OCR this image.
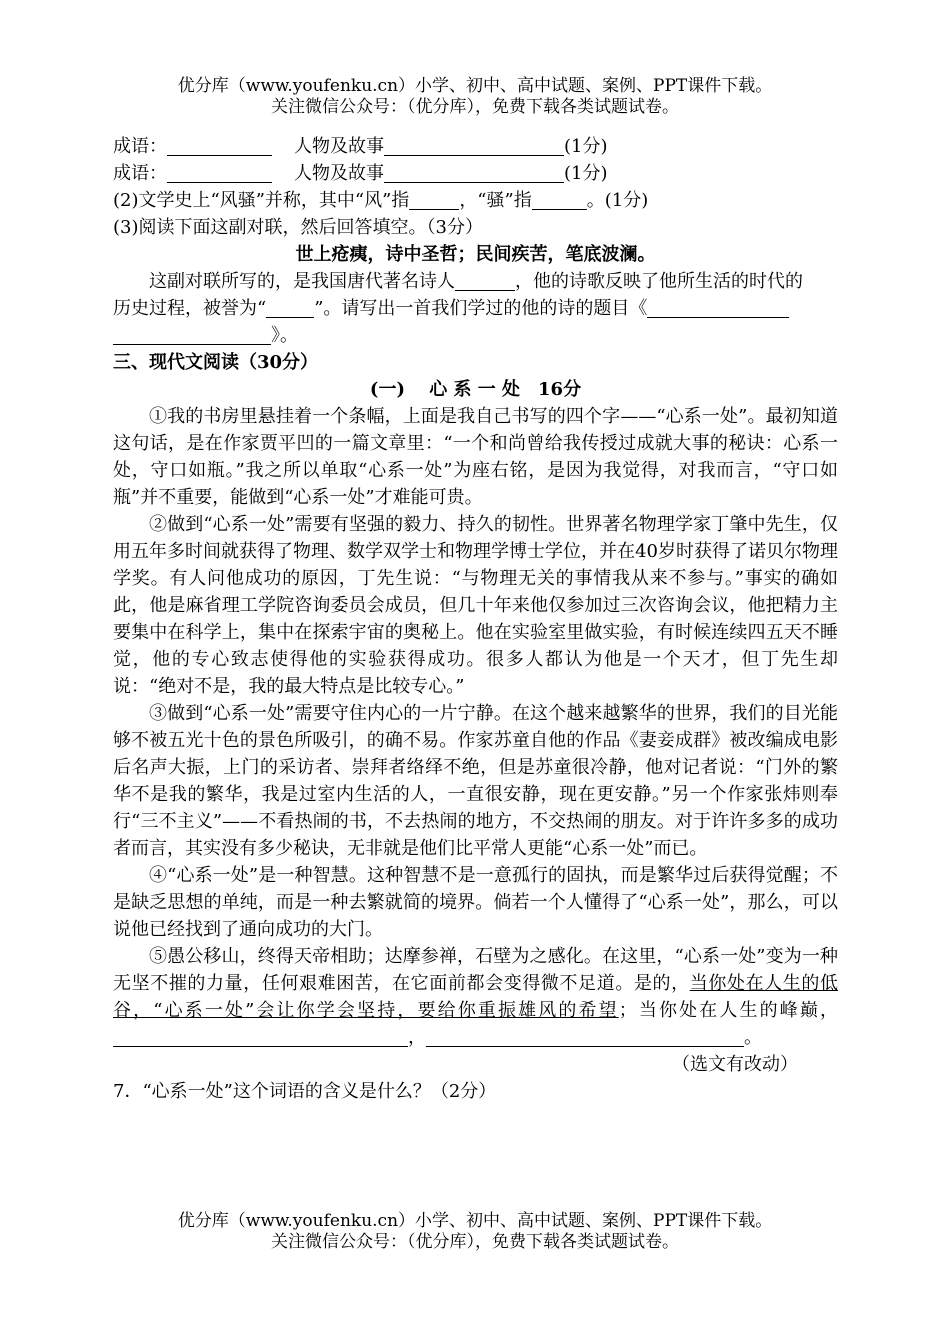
优分库（www.youfenku.cn）小学、初中、高中试题、案例、PPT课件下载。
关注微信公众号：（优分库），免费下载各类试题试卷。
成语：	人物及故事	(1分)
成语：	人物及故事	(1分)
(2)文学史上“风骚”并称，其中“风”指	，“骚”指	。(1分)
(3)阅读下面这副对联，然后回答填空。（3分）
世上疮痍，诗中圣哲；民间疾苦，笔底波澜。
这副对联所写的，是我国唐代著名诗人	，他的诗歌反映了他所生活的时代的
历史过程，被誉为“	”。请写出一首我们学过的他的诗的题目《
》。
三、现代文阅读（30分）
(一)　 心 系 一 处　16分
①我的书房里悬挂着一个条幅，上面是我自己书写的四个字——“心系一处”。最初知道这句话，是在作家贾平凹的一篇文章里：“一个和尚曾给我传授过成就大事的秘诀：心系一处，守口如瓶。”我之所以单取“心系一处”为座右铭，是因为我觉得，对我而言，“守口如瓶”并不重要，能做到“心系一处”才难能可贵。
②做到“心系一处”需要有坚强的毅力、持久的韧性。世界著名物理学家丁肇中先生，仅用五年多时间就获得了物理、数学双学士和物理学博士学位，并在40岁时获得了诺贝尔物理学奖。有人问他成功的原因，丁先生说：“与物理无关的事情我从来不参与。”事实的确如此，他是麻省理工学院咨询委员会成员，但几十年来他仅参加过三次咨询会议，他把精力主要集中在科学上，集中在探索宇宙的奥秘上。他在实验室里做实验，有时候连续四五天不睡觉，他的专心致志使得他的实验获得成功。很多人都认为他是一个天才，但丁先生却说：“绝对不是，我的最大特点是比较专心。”
③做到“心系一处”需要守住内心的一片宁静。在这个越来越繁华的世界，我们的目光能够不被五光十色的景色所吸引，的确不易。作家苏童自他的作品《妻妾成群》被改编成电影后名声大振，上门的采访者、崇拜者络绎不绝，但是苏童很冷静，他对记者说：“门外的繁华不是我的繁华，我是过室内生活的人，一直很安静，现在更安静。”另一个作家张炜则奉行“三不主义”——不看热闹的书，不去热闹的地方，不交热闹的朋友。对于许许多多的成功者而言，其实没有多少秘诀，无非就是他们比平常人更能“心系一处”而已。
④“心系一处”是一种智慧。这种智慧不是一意孤行的固执，而是繁华过后获得觉醒；不是缺乏思想的单纯，而是一种去繁就简的境界。倘若一个人懂得了“心系一处”，那么，可以说他已经找到了通向成功的大门。
⑤愚公移山，终得天帝相助；达摩参禅，石壁为之感化。在这里，“心系一处”变为一种无坚不摧的力量，任何艰难困苦，在它面前都会变得微不足道。是的，当你处在人生的低谷，“心系一处”会让你学会坚持，要给你重振雄风的希望；当你处在人生的峰巅，，	。
（选文有改动）
7．“心系一处”这个词语的含义是什么？（2分）
优分库（www.youfenku.cn）小学、初中、高中试题、案例、PPT课件下载。
关注微信公众号：（优分库），免费下载各类试题试卷。
